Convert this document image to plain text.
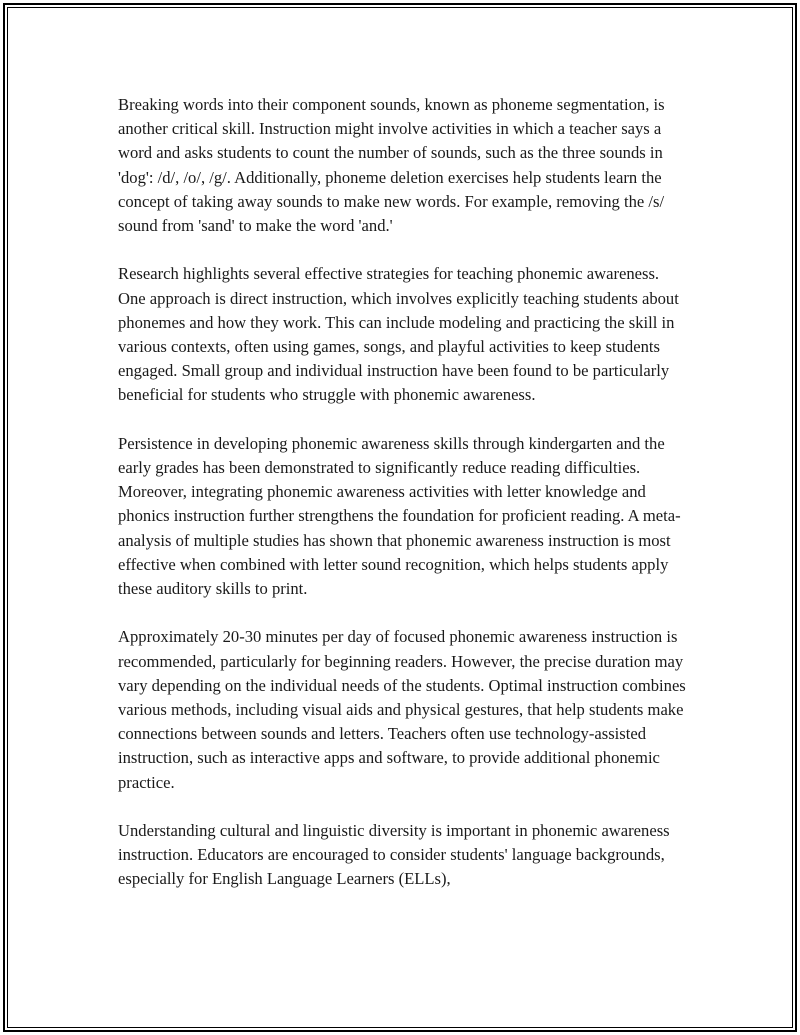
Breaking words into their component sounds, known as phoneme segmentation, is another critical skill. Instruction might involve activities in which a teacher says a word and asks students to count the number of sounds, such as the three sounds in 'dog': /d/, /o/, /g/. Additionally, phoneme deletion exercises help students learn the concept of taking away sounds to make new words. For example, removing the /s/ sound from 'sand' to make the word 'and.'

Research highlights several effective strategies for teaching phonemic awareness. One approach is direct instruction, which involves explicitly teaching students about phonemes and how they work. This can include modeling and practicing the skill in various contexts, often using games, songs, and playful activities to keep students engaged. Small group and individual instruction have been found to be particularly beneficial for students who struggle with phonemic awareness.

Persistence in developing phonemic awareness skills through kindergarten and the early grades has been demonstrated to significantly reduce reading difficulties. Moreover, integrating phonemic awareness activities with letter knowledge and phonics instruction further strengthens the foundation for proficient reading. A meta-analysis of multiple studies has shown that phonemic awareness instruction is most effective when combined with letter sound recognition, which helps students apply these auditory skills to print.

Approximately 20-30 minutes per day of focused phonemic awareness instruction is recommended, particularly for beginning readers. However, the precise duration may vary depending on the individual needs of the students. Optimal instruction combines various methods, including visual aids and physical gestures, that help students make connections between sounds and letters. Teachers often use technology-assisted instruction, such as interactive apps and software, to provide additional phonemic practice.

Understanding cultural and linguistic diversity is important in phonemic awareness instruction. Educators are encouraged to consider students' language backgrounds, especially for English Language Learners (ELLs),
